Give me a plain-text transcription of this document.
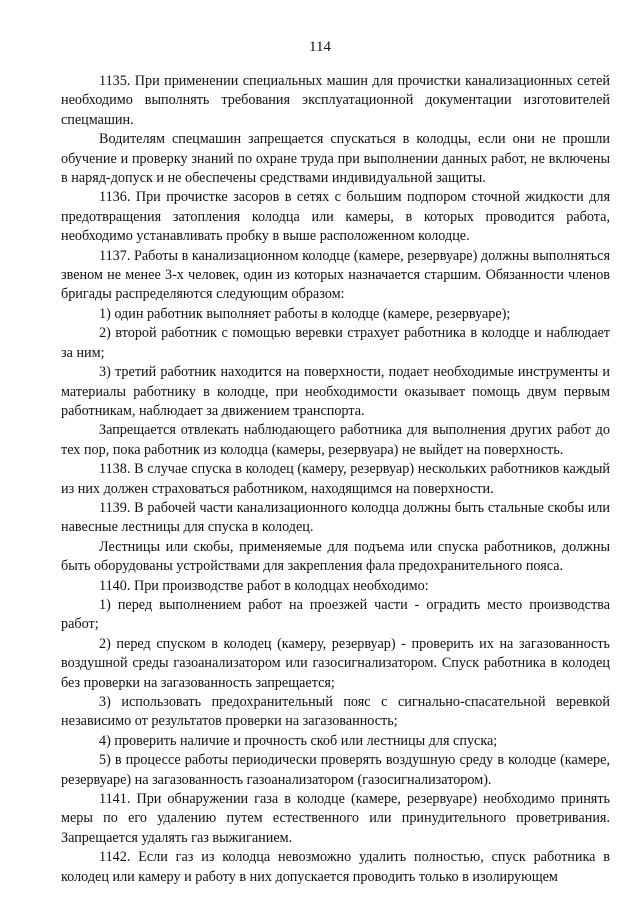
114

1135. При применении специальных машин для прочистки канализационных сетей необходимо выполнять требования эксплуатационной документации изготовителей спецмашин.

Водителям спецмашин запрещается спускаться в колодцы, если они не прошли обучение и проверку знаний по охране труда при выполнении данных работ, не включены в наряд-допуск и не обеспечены средствами индивидуальной защиты.

1136. При прочистке засоров в сетях с большим подпором сточной жидкости для предотвращения затопления колодца или камеры, в которых проводится работа, необходимо устанавливать пробку в выше расположенном колодце.

1137. Работы в канализационном колодце (камере, резервуаре) должны выполняться звеном не менее 3-х человек, один из которых назначается старшим. Обязанности членов бригады распределяются следующим образом:

1) один работник выполняет работы в колодце (камере, резервуаре);

2) второй работник с помощью веревки страхует работника в колодце и наблюдает за ним;

3) третий работник находится на поверхности, подает необходимые инструменты и материалы работнику в колодце, при необходимости оказывает помощь двум первым работникам, наблюдает за движением транспорта.

Запрещается отвлекать наблюдающего работника для выполнения других работ до тех пор, пока работник из колодца (камеры, резервуара) не выйдет на поверхность.

1138. В случае спуска в колодец (камеру, резервуар) нескольких работников каждый из них должен страховаться работником, находящимся на поверхности.

1139. В рабочей части канализационного колодца должны быть стальные скобы или навесные лестницы для спуска в колодец.

Лестницы или скобы, применяемые для подъема или спуска работников, должны быть оборудованы устройствами для закрепления фала предохранительного пояса.

1140. При производстве работ в колодцах необходимо:

1) перед выполнением работ на проезжей части - оградить место производства работ;

2) перед спуском в колодец (камеру, резервуар) - проверить их на загазованность воздушной среды газоанализатором или газосигнализатором. Спуск работника в колодец без проверки на загазованность запрещается;

3) использовать предохранительный пояс с сигнально-спасательной веревкой независимо от результатов проверки на загазованность;

4) проверить наличие и прочность скоб или лестницы для спуска;

5) в процессе работы периодически проверять воздушную среду в колодце (камере, резервуаре) на загазованность газоанализатором (газосигнализатором).

1141. При обнаружении газа в колодце (камере, резервуаре) необходимо принять меры по его удалению путем естественного или принудительного проветривания. Запрещается удалять газ выжиганием.

1142. Если газ из колодца невозможно удалить полностью, спуск работника в колодец или камеру и работу в них допускается проводить только в изолирующем
